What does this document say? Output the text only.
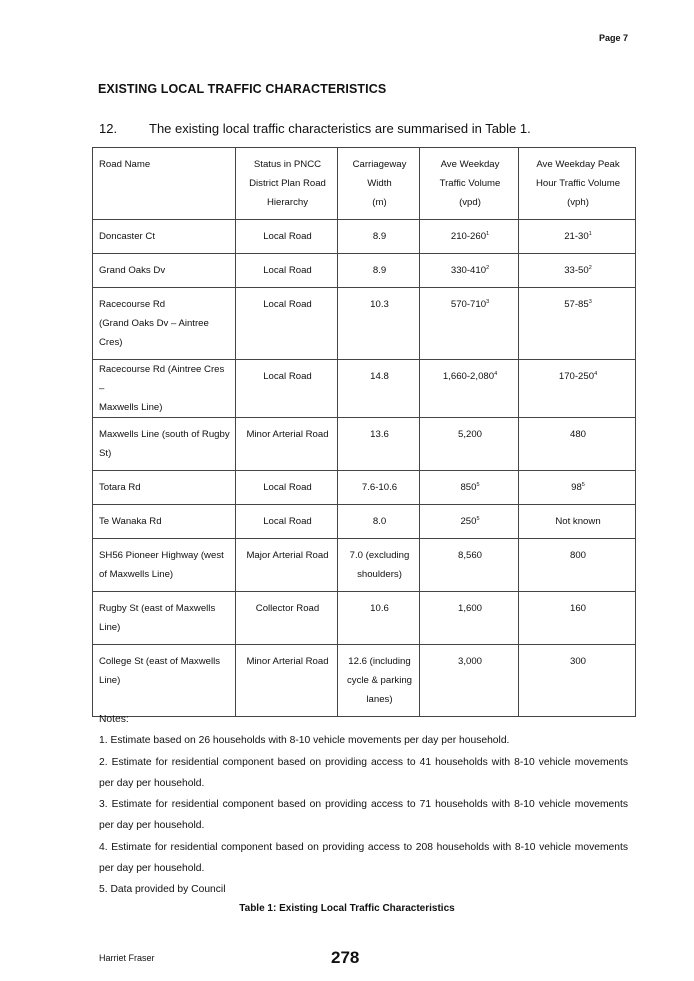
Page 7
EXISTING LOCAL TRAFFIC CHARACTERISTICS
12. The existing local traffic characteristics are summarised in Table 1.
Road Name	Status in PNCC
District Plan Road
Hierarchy	Carriageway
Width
(m)	Ave Weekday
Traffic Volume
(vpd)	Ave Weekday Peak
Hour Traffic Volume
(vph)
Doncaster Ct	Local Road	8.9	$210-260^1$	$21-30^1$
Grand Oaks Dv	Local Road	8.9	$330-410^2$	$33-50^2$
Racecourse Rd
(Grand Oaks Dv – Aintree
Cres)	Local Road	10.3	$570-710^3$	$57-85^3$
Racecourse Rd (Aintree Cres –
Maxwells Line)	Local Road	14.8	1,660-2,080$^4$	$170-250^4$
Maxwells Line (south of Rugby
St)	Minor Arterial Road	13.6	5,200	480
Totara Rd	Local Road	7.6-10.6	$850^5$	$98^5$
Te Wanaka Rd	Local Road	8.0	$250^5$	Not known
SH56 Pioneer Highway (west
of Maxwells Line)	Major Arterial Road	7.0 (excluding
shoulders)	8,560	800
Rugby St (east of Maxwells
Line)	Collector Road	10.6	1,600	160
College St (east of Maxwells
Line)	Minor Arterial Road	12.6 (including
cycle & parking
lanes)	3,000	300

Notes:

1. Estimate based on 26 households with 8-10 vehicle movements per day per household.

2. Estimate for residential component based on providing access to 41 households with 8-10 vehicle movements per day per household.

3. Estimate for residential component based on providing access to 71 households with 8-10 vehicle movements per day per household.

4. Estimate for residential component based on providing access to 208 households with 8-10 vehicle movements per day per household.

5. Data provided by Council

Table 1: Existing Local Traffic Characteristics
Harriet Fraser	278
